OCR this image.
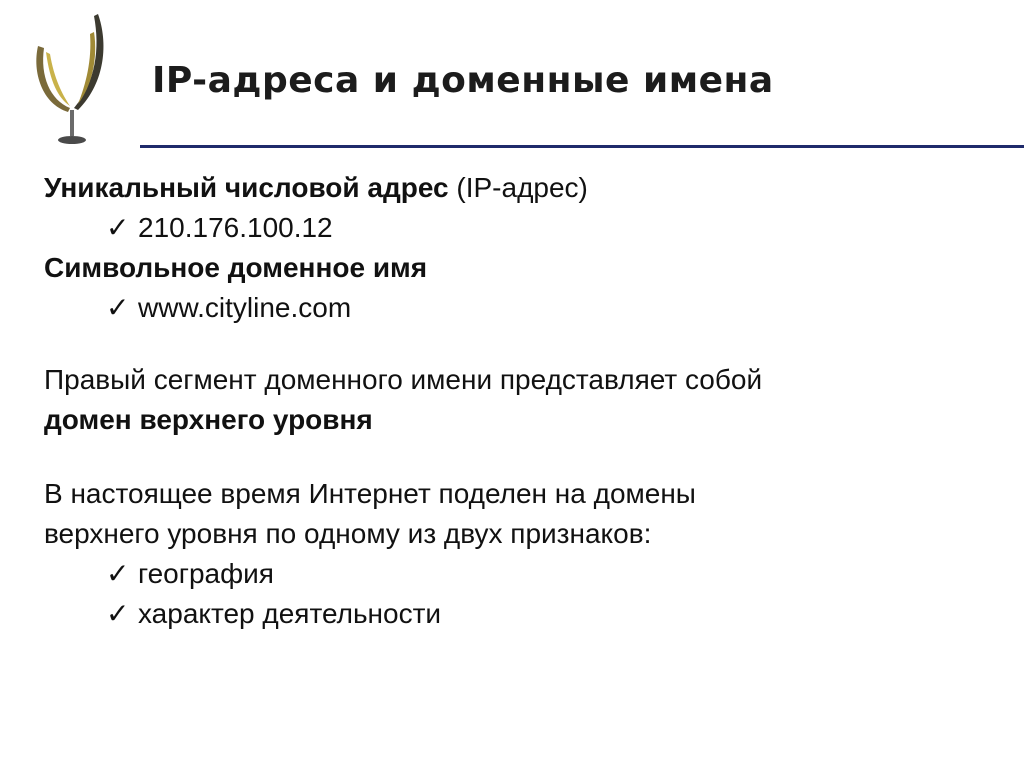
IP-адреса и доменные имена
Уникальный числовой адрес (IP-адрес)
✓ 210.176.100.12
Символьное доменное имя
✓ www.cityline.com
Правый сегмент доменного имени представляет собой
домен верхнего уровня
В настоящее время Интернет поделен на домены
верхнего уровня по одному из двух признаков:
✓ география
✓ характер деятельности
